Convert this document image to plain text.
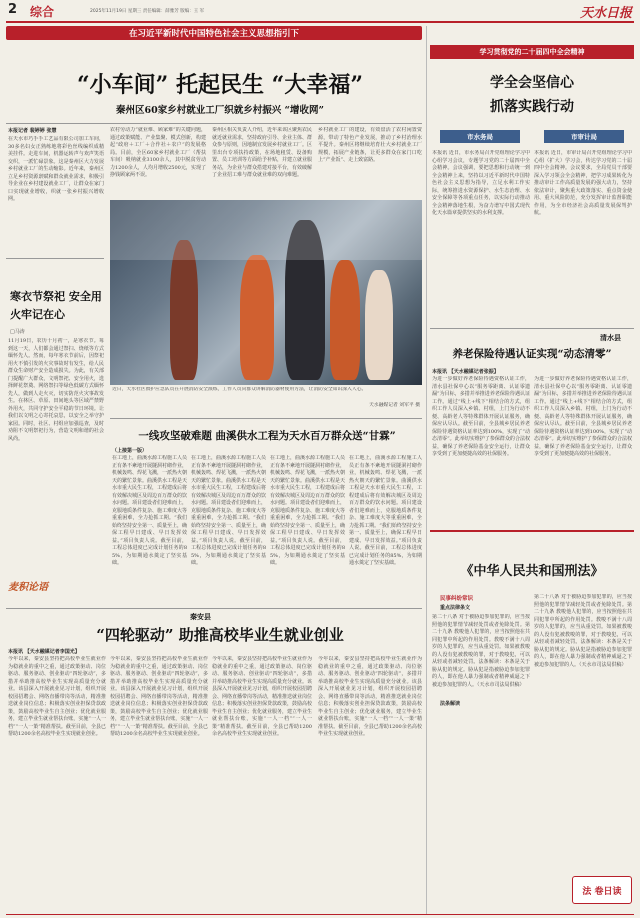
2	综合	2025年11月19日 星期三 责任编辑：薛雅芳 版编：王 军	天水日报
在习近平新时代中国特色社会主义思想指引下
学习贯彻党的二十届四中全会精神
“小车间” 托起民生 “大幸福”
秦州区60家乡村就业工厂织就乡村振兴 “增收网”
本报记者 裴婷婷 张慧
在天水市巧手手工艺品有限公司加工车间，30多名妇女正熟练地将彩色丝线编织成精美挂件。走进车间，机器运转声与欢声笑语交织，一派忙碌景象。这是秦州区大力发展乡村就业工厂的生动缩影。近年来，秦州区立足乡村资源禀赋和群众就业需求，积极引导企业在乡村建设就业工厂，让群众在家门口实现就业增收，织就一张乡村振兴增收网。
农村劳动力“就业难、顾家难”的关键问题，通过政策赋能、产业集聚、模式创新，构建起“政府＋工厂＋合作社＋农户”的发展格局。目前，全区60家乡村就业工厂（帮扶车间）吸纳就业3100余人，其中脱贫劳动力1200余人，人均月增收2500元，实现了挣钱顾家两不误。
秦州区相关负责人介绍，近年来该区聚焦农民就近就业需求，坚持政府引导、企业主体、群众参与原则，因地制宜发展乡村就业工厂。区里出台专项扶持政策，在场地租赁、设备购置、员工培训等方面给予补贴，并建立就业服务站，为企业与群众搭建对接平台，有效破解了企业招工难与群众就业难的双向难题。
乡村就业工厂的建设，有效盘活了农村闲置资源，带动了特色产业发展，推动了乡村治理水平提升。秦州区将继续培育壮大乡村就业工厂规模，拓展产业链条，让更多群众在家门口吃上“产业饭”、走上致富路。
近日，天水社区救护应急队员在开展消防安全演练，工作人员向群众讲解消防器材使用方法，让消防安全知识深入人心。
天水融媒记者 刘军平 摄
寒衣节祭祀 安全用火牢记在心
□马涛
11月19日，农历十月初一，是寒衣节。每到这一天，人们都会通过祭扫、烧纸等方式缅怀先人。然而，每年寒衣节前后，因祭祀用火不慎引发的火灾事故时有发生，给人民群众生命财产安全造成损失。为此，有关部门提醒广大群众，文明祭祀、安全用火，选择鲜花祭奠、网络祭扫等绿色低碳方式缅怀先人，做到人走火灭，切实防范火灾事故发生。在林区、草原、田间地头等区域严禁野外用火，共同守护安全平稳的节日环境。让我们以文明之心寄托哀思，以安全之举守护家园。同时，社区、村组应加强巡查，及时劝阻不文明祭祀行为，营造文明和谐的社会风尚。
麦积论语
一线攻坚破难题 曲溪供水工程为天水百万群众送“甘霖”
（上接第一版）
在工地上，曲溪水源工程施工人员正有条不紊地开展隧洞衬砌作业，机械轰鸣、焊花飞溅，一派热火朝天的繁忙景象。曲溪供水工程是天水市重大民生工程，工程建成后将有效解决城区及周边百万群众的饮水问题。项目建设者们迎难而上，克服地质条件复杂、施工难度大等重重困难，全力抢抓工期。“我们始终坚持安全第一、质量至上，确保工程早日建成、早日发挥效益。”项目负责人说。截至目前，工程总体进度已完成计划任务的85%，为如期通水奠定了坚实基础。
在工地上，曲溪水源工程施工人员正有条不紊地开展隧洞衬砌作业，机械轰鸣、焊花飞溅，一派热火朝天的繁忙景象。曲溪供水工程是天水市重大民生工程，工程建成后将有效解决城区及周边百万群众的饮水问题。项目建设者们迎难而上，克服地质条件复杂、施工难度大等重重困难，全力抢抓工期。“我们始终坚持安全第一、质量至上，确保工程早日建成、早日发挥效益。”项目负责人说。截至目前，工程总体进度已完成计划任务的85%，为如期通水奠定了坚实基础。
在工地上，曲溪水源工程施工人员正有条不紊地开展隧洞衬砌作业，机械轰鸣、焊花飞溅，一派热火朝天的繁忙景象。曲溪供水工程是天水市重大民生工程，工程建成后将有效解决城区及周边百万群众的饮水问题。项目建设者们迎难而上，克服地质条件复杂、施工难度大等重重困难，全力抢抓工期。“我们始终坚持安全第一、质量至上，确保工程早日建成、早日发挥效益。”项目负责人说。截至目前，工程总体进度已完成计划任务的85%，为如期通水奠定了坚实基础。
在工地上，曲溪水源工程施工人员正有条不紊地开展隧洞衬砌作业，机械轰鸣、焊花飞溅，一派热火朝天的繁忙景象。曲溪供水工程是天水市重大民生工程，工程建成后将有效解决城区及周边百万群众的饮水问题。项目建设者们迎难而上，克服地质条件复杂、施工难度大等重重困难，全力抢抓工期。“我们始终坚持安全第一、质量至上，确保工程早日建成、早日发挥效益。”项目负责人说。截至目前，工程总体进度已完成计划任务的85%，为如期通水奠定了坚实基础。
秦安县
“四轮驱动” 助推高校毕业生就业创业
本报讯 【天水融媒记者李国光】
今年以来，秦安县坚持把高校毕业生就业作为稳就业的重中之重，通过政策驱动、岗位驱动、服务驱动、创业驱动“四轮驱动”，多措并举助推高校毕业生实现高质量充分就业。该县深入开展就业见习计划，组织开展校园招聘会、网络直播带岗等活动，精准推送就业岗位信息；积极落实创业担保贷款政策，鼓励高校毕业生自主创业；优化就业服务，建立毕业生就业帮扶台账，实施“一人一档”“一人一策”精准帮扶。截至目前，全县已帮助1200余名高校毕业生实现就业创业。
今年以来，秦安县坚持把高校毕业生就业作为稳就业的重中之重，通过政策驱动、岗位驱动、服务驱动、创业驱动“四轮驱动”，多措并举助推高校毕业生实现高质量充分就业。该县深入开展就业见习计划，组织开展校园招聘会、网络直播带岗等活动，精准推送就业岗位信息；积极落实创业担保贷款政策，鼓励高校毕业生自主创业；优化就业服务，建立毕业生就业帮扶台账，实施“一人一档”“一人一策”精准帮扶。截至目前，全县已帮助1200余名高校毕业生实现就业创业。
今年以来，秦安县坚持把高校毕业生就业作为稳就业的重中之重，通过政策驱动、岗位驱动、服务驱动、创业驱动“四轮驱动”，多措并举助推高校毕业生实现高质量充分就业。该县深入开展就业见习计划，组织开展校园招聘会、网络直播带岗等活动，精准推送就业岗位信息；积极落实创业担保贷款政策，鼓励高校毕业生自主创业；优化就业服务，建立毕业生就业帮扶台账，实施“一人一档”“一人一策”精准帮扶。截至目前，全县已帮助1200余名高校毕业生实现就业创业。
今年以来，秦安县坚持把高校毕业生就业作为稳就业的重中之重，通过政策驱动、岗位驱动、服务驱动、创业驱动“四轮驱动”，多措并举助推高校毕业生实现高质量充分就业。该县深入开展就业见习计划，组织开展校园招聘会、网络直播带岗等活动，精准推送就业岗位信息；积极落实创业担保贷款政策，鼓励高校毕业生自主创业；优化就业服务，建立毕业生就业帮扶台账，实施“一人一档”“一人一策”精准帮扶。截至目前，全县已帮助1200余名高校毕业生实现就业创业。
学全会坚信心
抓落实践行动
市水务局	市审计局
本报讯 近日，市水务局召开党组理论学习中心组学习会议，专题学习党的二十届四中全会精神。会议强调，要把思想和行动统一到全会精神上来，坚持以习近平新时代中国特色社会主义思想为指导，立足水利工作实际，统筹推进水资源保护、水生态治理、水安全保障等各项重点任务，以实际行动推动全会精神落地生根，为奋力谱写中国式现代化天水篇章提供坚实的水利支撑。
本报讯 近日，市审计局召开党组理论学习中心组（扩大）学习会，传达学习党的二十届四中全会精神。会议要求，全局党员干部要深入学习领会全会精神，把学习成果转化为推动审计工作高质量发展的强大动力，坚持依法审计，聚焦重大政策落实、重点资金使用、重大风险防范，充分发挥审计监督职能作用，为全市经济社会高质量发展保驾护航。
清水县
养老保险待遇认证实现“动态清零”
本报讯 【天水融媒记者张振】
为进一步做好养老保险待遇资格认证工作，清水县社保中心以“服务零距离、认证零遗漏”为目标，多措并举推进养老保险待遇认证工作。通过“线上+线下”相结合的方式，组织工作人员深入乡镇、村组，上门为行动不便、高龄老人等特殊群体开展认证服务，确保应认尽认。截至目前，全县城乡居民养老保险待遇资格认证率达到100%，实现了“动态清零”。此举切实维护了参保群众的合法权益，确保了养老保险基金安全运行，让群众享受到了更加便捷高效的社保服务。
为进一步做好养老保险待遇资格认证工作，清水县社保中心以“服务零距离、认证零遗漏”为目标，多措并举推进养老保险待遇认证工作。通过“线上+线下”相结合的方式，组织工作人员深入乡镇、村组，上门为行动不便、高龄老人等特殊群体开展认证服务，确保应认尽认。截至目前，全县城乡居民养老保险待遇资格认证率达到100%，实现了“动态清零”。此举切实维护了参保群众的合法权益，确保了养老保险基金安全运行，让群众享受到了更加便捷高效的社保服务。
《中华人民共和国刑法》
民事纠纷常识
重点法律条文
第二十八条 对于被胁迫参加犯罪的，应当按照他的犯罪情节减轻处罚或者免除处罚。第二十九条 教唆他人犯罪的，应当按照他在共同犯罪中所起的作用处罚。教唆不满十八周岁的人犯罪的，应当从重处罚。如果被教唆的人没有犯被教唆的罪，对于教唆犯，可以从轻或者减轻处罚。法条解读：本条是关于胁从犯的规定。胁从犯是指被胁迫参加犯罪的人，即在他人暴力强制或者精神威逼之下被迫参加犯罪的人。（天水市司法局供稿）
法条解读
第二十八条 对于被胁迫参加犯罪的，应当按照他的犯罪情节减轻处罚或者免除处罚。第二十九条 教唆他人犯罪的，应当按照他在共同犯罪中所起的作用处罚。教唆不满十八周岁的人犯罪的，应当从重处罚。如果被教唆的人没有犯被教唆的罪，对于教唆犯，可以从轻或者减轻处罚。法条解读：本条是关于胁从犯的规定。胁从犯是指被胁迫参加犯罪的人，即在他人暴力强制或者精神威逼之下被迫参加犯罪的人。（天水市司法局供稿）
法 卷日读
